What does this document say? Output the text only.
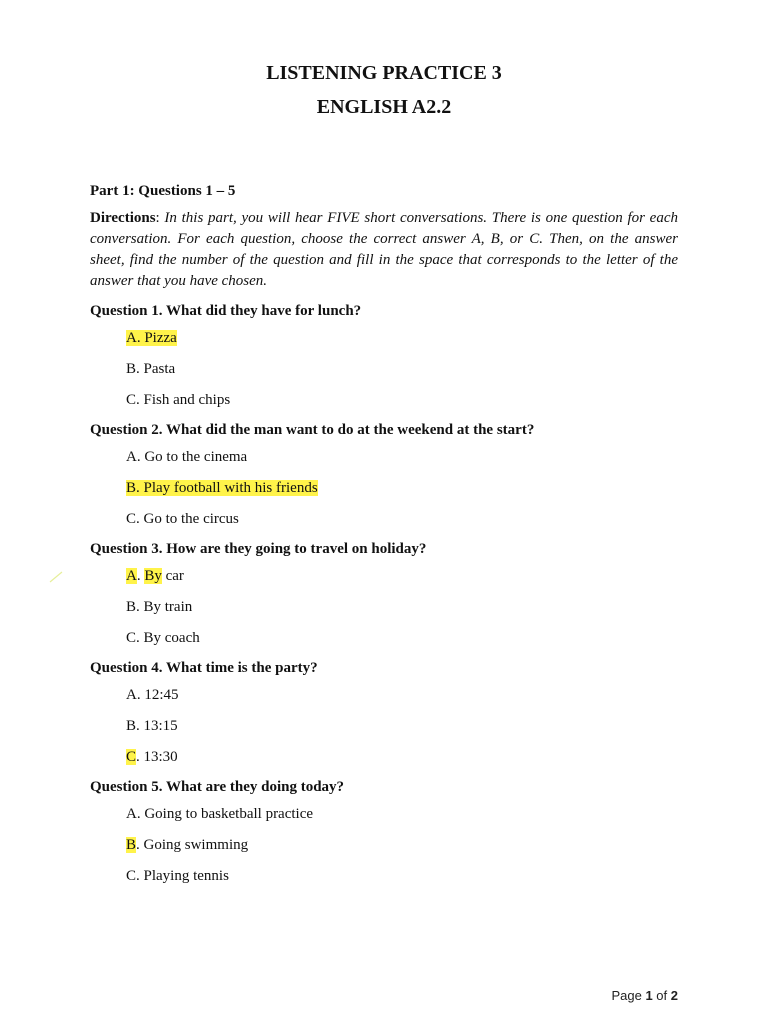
LISTENING PRACTICE 3

ENGLISH A2.2

Part 1: Questions 1 – 5

Directions: In this part, you will hear FIVE short conversations. There is one question for each conversation. For each question, choose the correct answer A, B, or C. Then, on the answer sheet, find the number of the question and fill in the space that corresponds to the letter of the answer that you have chosen.

Question 1. What did they have for lunch?

A. Pizza
B. Pasta
C. Fish and chips

Question 2. What did the man want to do at the weekend at the start?

A. Go to the cinema
B. Play football with his friends
C. Go to the circus

Question 3. How are they going to travel on holiday?

A. By car
B. By train
C. By coach

Question 4. What time is the party?

A. 12:45
B. 13:15
C. 13:30

Question 5. What are they doing today?

A. Going to basketball practice
B. Going swimming
C. Playing tennis
Page 1 of 2
